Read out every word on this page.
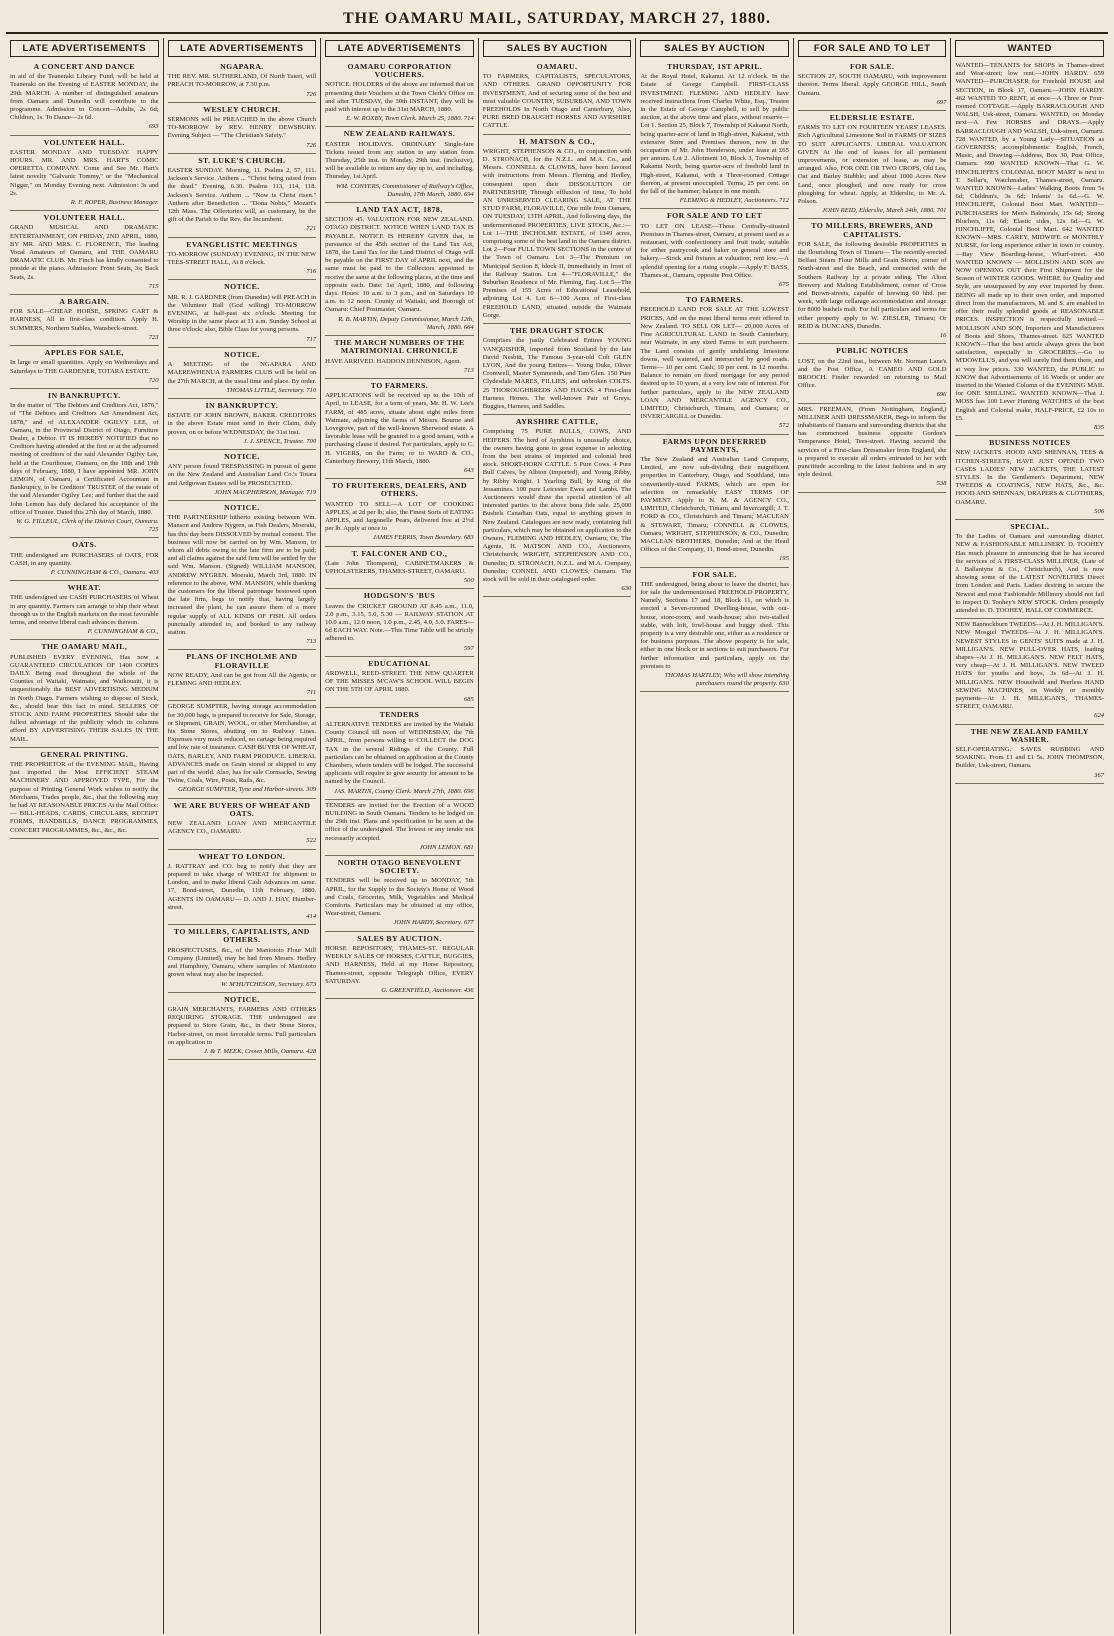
THE OAMARU MAIL, SATURDAY, MARCH 27, 1880.
LATE ADVERTISEMENTS
A CONCERT AND DANCE
in aid of the Teaneraki Library Fund, will be held at Teaneraki on the Evening of EASTER MONDAY, the 29th MARCH. A number of distinguished amateurs from Oamaru and Dunedin will contribute to the programme. Admission to Concert—Adults, 2s 6d; Children, 1s. To Dance—2s 6d.
693
VOLUNTEER HALL.
EASTER MONDAY AND TUESDAY. HAPPY HOURS. MR. AND MRS. HART'S COMIC OPERETTA COMPANY. Come and See Mr. Hart's latest novelty "Galvanic Tommy," or the "Mechanical Nigger," on Monday Evening next. Admission: 3s and 2s.
R. F. ROPER, Business Manager.
VOLUNTEER HALL.
GRAND MUSICAL AND DRAMATIC ENTERTAINMENT, ON FRIDAY, 2ND APRIL, 1880, BY MR. AND MRS. C. FLORENCE, The leading Vocal Amateurs of Oamaru, and THE OAMARU DRAMATIC CLUB. Mr. Finch has kindly consented to preside at the piano. Admission: Front Seats, 3s; Back Seats, 2s.
715
A BARGAIN.
FOR SALE—CHEAP. HORSE, SPRING CART & HARNESS, All in first-class condition. Apply H. SUMMERS, Northern Stables, Wansbeck-street.
723
APPLES FOR SALE,
In large or small quantities. Apply on Wednesdays and Saturdays to THE GARDENER, TOTARA ESTATE.
720
IN BANKRUPTCY.
In the matter of "The Debtors and Creditors Act, 1876," of "The Debtors and Creditors Act Amendment Act, 1878," and of ALEXANDER OGILVY LEE, of Oamaru, in the Provincial District of Otago, Furniture Dealer, a Debtor. IT IS HEREBY NOTIFIED that no Creditors having attended at the first or at the adjourned meeting of creditors of the said Alexander Ogilvy Lee, held at the Courthouse, Oamaru, on the 18th and 19th days of February, 1880, I have appointed MR. JOHN LEMON, of Oamaru, a Certificated Accountant in Bankruptcy, to be Creditors' TRUSTEE of the estate of the said Alexander Ogilvy Lee; and further that the said John Lemon has duly declared his acceptance of the office of Trustee. Dated this 27th day of March, 1880.
W. G. FILLEUL, Clerk of the District Court, Oamaru. 725
OATS.
THE undersigned are PURCHASERS of OATS, FOR CASH, in any quantity.
P. CUNNINGHAM & CO., Oamaru. 403
WHEAT.
THE undersigned are CASH PURCHASERS of Wheat in any quantity. Farmers can arrange to ship their wheat through us to the English markets on the most favorable terms, and receive liberal cash advances thereon.
P. CUNNINGHAM & CO.,
THE OAMARU MAIL,
PUBLISHED EVERY EVENING, Has now a GUARANTEED CIRCULATION OF 1400 COPIES DAILY. Being read throughout the whole of the Counties of Waitaki, Waimate, and Waikouaiti, it is unquestionably the BEST ADVERTISING MEDIUM in North Otago. Farmers wishing to dispose of Stock, &c., should bear this fact in mind. SELLERS OF STOCK AND FARM PROPERTIES Should take the fullest advantage of the publicity which its columns afford BY ADVERTISING THEIR SALES IN THE MAIL.
GENERAL PRINTING.
THE PROPRIETOR of the EVENING MAIL, Having just imported the Most EFFICIENT STEAM MACHINERY AND APPROVED TYPE, For the purpose of Printing General Work wishes to notify the Merchants, Trades people, &c., that the following may be had AT REASONABLE PRICES At the Mail Office:— BILL-HEADS, CARDS, CIRCULARS, RECEIPT FORMS, HANDBILLS, DANCE PROGRAMMES, CONCERT PROGRAMMES, &c., &c., &c.
LATE ADVERTISEMENTS
NGAPARA.
THE REV. MR. SUTHERLAND, Of North Taieri, will PREACH TO-MORROW, at 7.30 p.m.
726
WESLEY CHURCH.
SERMONS will be PREACHED in the above Church TO-MORROW by REV. HENRY DEWSBURY. Evening Subject — "The Christian's Safety."
726
ST. LUKE'S CHURCH.
EASTER SUNDAY. Morning, 11. Psalms 2, 57, 111. Jackson's Service. Anthem ... "Christ being raised from the dead." Evening, 6.30. Psalms 113, 114, 118. Jackson's Service. Anthem ... "Now is Christ risen." Anthem after Benediction ... "Dona Nobis," Mozart's 12th Mass. The Offertories will, as customary, be the gift of the Parish to the Rev. the Incumbent.
721
EVANGELISTIC MEETINGS
TO-MORROW (SUNDAY) EVENING, IN THE NEW TEES-STREET HALL, At 8 o'clock.
716
NOTICE.
MR. R. J. GARDNER (from Dunedin) will PREACH in the Volunteer Hall (God willing) TO-MORROW EVENING, at half-past six o'clock. Meeting for Worship in the same place at 11 a.m. Sunday School at three o'clock; also, Bible Class for young persons.
717
NOTICE.
A MEETING of the NGAPARA AND MAEREWHENUA FARMERS CLUB will be held on the 27th MARCH, at the usual time and place. By order.
THOMAS LITTLE, Secretary. 710
IN BANKRUPTCY.
ESTATE OF JOHN BROWN, BAKER. CREDITORS in the above Estate must send in their Claim, duly proven, on or before WEDNESDAY, the 31st inst.
J. J. SPENCE, Trustee. 700
NOTICE.
ANY person found TRESPASSING in pursuit of game on the New Zealand and Australian Land Co.'s Totara and Ardgowan Estates will be PROSECUTED.
JOHN MACPHERSON, Manager. 719
NOTICE.
THE PARTNERSHIP hitherto existing between Wm. Manson and Andrew Nygren, as Fish Dealers, Moeraki, has this day been DISSOLVED by mutual consent. The business will now be carried on by Wm. Manson, to whom all debts owing to the late firm are to be paid; and all claims against the said firm will be settled by the said Wm. Manson. (Signed) WILLIAM MANSON, ANDREW NYGREN. Moeraki, March 3rd, 1880. IN reference to the above, WM. MANSON, while thanking the customers for the liberal patronage bestowed upon the late firm, begs to notify that, having largely increased the plant, he can assure them of a more regular supply of ALL KINDS OF FISH. All orders punctually attended to, and booked to any railway station.
713
PLANS OF INCHOLME AND FLORAVILLE
NOW READY, And can be got from All the Agents, or FLEMING AND HEDLEY.
711
GEORGE SUMPTER, having storage accommodation for 30,000 bags, is prepared to receive for Sale, Storage, or Shipment, GRAIN, WOOL, or other Merchandise, at his Stone Stores, abutting on to Railway Lines. Expenses very much reduced, no cartage being required and low rate of insurance. CASH BUYER OF WHEAT, OATS, BARLEY, AND FARM PRODUCE. LIBERAL ADVANCES made on Grain stored or shipped to any part of the world. Also, has for sale Cornsacks, Sewing Twine, Coals, Wire, Posts, Rails, &c.
GEORGE SUMPTER, Tyne and Harbor-streets. 309
WE ARE BUYERS OF WHEAT AND OATS.
NEW ZEALAND LOAN AND MERCANTILE AGENCY CO., OAMARU.
522
WHEAT TO LONDON.
J. RATTRAY and CO. beg to notify that they are prepared to take charge of WHEAT for shipment to London, and to make liberal Cash Advances on same. 17, Bond-street, Dunedin, 11th February, 1880. AGENTS IN OAMARU— D. AND J. HAY, Humber-street.
414
TO MILLERS, CAPITALISTS, AND OTHERS.
PROSPECTUSES, &c., of the Maniototo Flour Mill Company (Limited), may be had from Messrs. Hedley and Humphrey, Oamaru, where samples of Maniototo grown wheat may also be inspected.
W. M'HUTCHESON, Secretary. 673
NOTICE.
GRAIN MERCHANTS, FARMERS AND OTHERS REQUIRING STORAGE. THE undersigned are prepared to Store Grain, &c., in their Stone Stores, Harbor-street, on most favorable terms. Full particulars on application to
J. & T. MEEK, Crown Mills, Oamaru. 428
LATE ADVERTISEMENTS
OAMARU CORPORATION VOUCHERS.
NOTICE. HOLDERS of the above are informed that on presenting their Vouchers at the Town Clerk's Office on and after TUESDAY, the 30th INSTANT, they will be paid with interest up to the 31st MARCH, 1880.
E. W. ROXBY, Town Clerk. March 25, 1880. 714
NEW ZEALAND RAILWAYS.
EASTER HOLIDAYS. ORDINARY Single-fare Tickets issued from any station to any station from Thursday, 25th inst. to Monday, 29th inst. (inclusive), will be available to return any day up to, and including, Thursday, 1st April.
WM. CONYERS, Commissioner of Railway's Office, Dunedin, 17th March, 1880. 694
LAND TAX ACT, 1878.
SECTION 45. VALUATION FOR NEW ZEALAND. OTAGO DISTRICT. NOTICE WHEN LAND TAX IS PAYABLE. NOTICE IS HEREBY GIVEN that, in pursuance of the 45th section of the Land Tax Act, 1878, the Land Tax for the Land District of Otago will be payable on the FIRST DAY of APRIL next, and the same must be paid to the Collectors appointed to receive the same at the following places, at the time and opposite each. Date: 1st April, 1880, and following days. Hours: 10 a.m. to 3 p.m., and on Saturdays 10 a.m. to 12 noon. County of Waitaki, and Borough of Oamaru: Chief Postmaster, Oamaru.
R. B. MARTIN, Deputy Commissioner, March 12th, March, 1880. 664
THE MARCH NUMBERS OF THE MATRIMONIAL CHRONICLE
HAVE ARRIVED. HADDON DENNISON, Agent.
713
TO FARMERS.
APPLICATIONS will be received up to the 10th of April, to LEASE, for a term of years, Mr. H. W. Lee's FARM, of 485 acres, situate about eight miles from Waimate, adjoining the farms of Messrs. Bourne and Lovegrove, part of the well-known Sherwood estate. A favorable lease will be granted to a good tenant, with a purchasing clause if desired. For particulars, apply to C. H. VIGERS, on the Farm; or to WARD & CO., Canterbury Brewery, 11th March, 1880.
643
TO FRUITERERS, DEALERS, AND OTHERS.
WANTED TO SELL—A LOT OF COOKING APPLES, at 2d per lb; also, the Finest Sorts of EATING APPLES, and Jargonelle Pears, delivered free at 2½d per lb. Apply at once to
JAMES FERRIS, Town Boundary. 683
T. FALCONER AND CO.,
(Late John Thompson), CABINETMAKERS & UPHOLSTERERS, THAMES-STREET, OAMARU.
500
HODGSON'S 'BUS
Leaves the CRICKET GROUND AT 8.45 a.m., 11.0, 2.0 p.m., 3.15, 5.0, 5.30 — RAILWAY STATION AT 10.0 a.m., 12.0 noon, 1.0 p.m., 2.45, 4.0, 5.0. FARES—6d EACH WAY. Note.—This Time Table will be strictly adhered to.
597
EDUCATIONAL
ARDWELL, REED-STREET. THE NEW QUARTER OF THE MISSES M'CAW'S SCHOOL WILL BEGIN ON THE 5TH OF APRIL 1880.
685
TENDERS
ALTERNATIVE TENDERS are invited by the Waitaki County Council till noon of WEDNESDAY, the 7th APRIL, from persons willing to COLLECT the DOG TAX in the several Ridings of the County. Full particulars can be obtained on application at the County Chambers, where tenders will be lodged. The successful applicants will require to give security for amount to be named by the Council.
JAS. MARTIN, County Clerk. March 27th, 1880. 696
TENDERS are invited for the Erection of a WOOD BUILDING in South Oamaru. Tenders to be lodged on the 29th inst. Plans and specification to be seen at the office of the undersigned. The lowest or any tender not necessarily accepted.
JOHN LEMON. 681
NORTH OTAGO BENEVOLENT SOCIETY.
TENDERS will be received up to MONDAY, 5th APRIL, for the Supply to the Society's Home of Wood and Coals, Groceries, Milk, Vegetables and Medical Comforts. Particulars may be obtained at my office, Wear-street, Oamaru.
JOHN HARDY, Secretary. 677
SALES BY AUCTION.
HORSE REPOSITORY, THAMES-ST. REGULAR WEEKLY SALES OF HORSES, CATTLE, BUGGIES, AND HARNESS, Held at my Horse Repository, Thames-street, opposite Telegraph Office, EVERY SATURDAY.
G. GREENFIELD, Auctioneer. 436
SALES BY AUCTION
OAMARU.
TO FARMERS, CAPITALISTS, SPECULATORS, AND OTHERS. GRAND OPPORTUNITY FOR INVESTMENT, And of securing some of the best and most valuable COUNTRY, SUBURBAN, AND TOWN FREEHOLDS In North Otago and Canterbury, Also, PURE BRED DRAUGHT HORSES AND AYRSHIRE CATTLE.
H. MATSON & CO.,
WRIGHT, STEPHENSON & CO., in conjunction with D. STRONACH, for the N.Z.L. and M.A. Co., and Messrs. CONNELL & CLOWES, have been favored with instructions from Messrs. Fleming and Hedley, consequent upon their DISSOLUTION OF PARTNERSHIP, Through effluxion of time, To hold AN UNRESERVED CLEARING SALE, AT THE STUD FARM, FLORAVILLE, One mile from Oamaru, ON TUESDAY, 13TH APRIL, And following days, the undermentioned PROPERTIES, LIVE STOCK, &c.:— Lot 1—THE INCHOLME ESTATE, of 1349 acres, comprising some of the best land in the Oamaru district. Lot 2—Four FULL TOWN SECTIONS in the centre of the Town of Oamaru. Lot 3—The Premium on Municipal Section 8, block II, immediately in front of the Railway Station. Lot 4—"FLORAVILLE," the Suburban Residence of Mr. Fleming, Esq. Lot 5—The Premises of 155 Acres of Educational Leasehold, adjoining Lot 4. Lot 6—100 Acres of First-class FREEHOLD LAND, situated outside the Waimate Gorge.
THE DRAUGHT STOCK
Comprises the justly Celebrated Entires YOUNG VANQUISHER, imported from Scotland by the late David Nesbitt, The Famous 3-year-old Colt GLEN LYON, And the young Entires— Young Duke, Oliver Cromwell, Master Symmonds, and Tam Glen. 150 Pure Clydesdale MARES, FILLIES, and unbroken COLTS. 25 THOROUGHBREDS AND HACKS. 4 First-class Harness Horses. The well-known Pair of Greys. Buggies, Harness, and Saddles.
AYRSHIRE CATTLE,
Comprising 75 PURE BULLS, COWS, AND HEIFERS. The herd of Ayrshires is unusually choice, the owners having gone to great expense in selecting from the best strains of imported and colonial bred stock. SHORT-HORN CATTLE. 5 Pure Cows. 4 Pure Bull Calves, by Albion (imported), and Young Ribby, by Ribby Knight. 1 Yearling Bull, by King of the Jessamines. 100 pure Leicester Ewes and Lambs. The Auctioneers would draw the special attention of all interested parties to the above bona fide sale. 25,000 Bushels Canadian Oats, equal to anything grown in New Zealand. Catalogues are now ready, containing full particulars, which may be obtained on application to the Owners, FLEMING AND HEDLEY, Oamaru; Or, The Agents, H. MATSON AND CO., Auctioneers, Christchurch; WRIGHT, STEPHENSON AND CO., Dunedin; D. STRONACH, N.Z.L. and M.A. Company, Dunedin; CONNEL AND CLOWES, Oamaru. The stock will be sold in their catalogued order.
630
SALES BY AUCTION
THURSDAY, 1ST APRIL.
At the Royal Hotel, Kakanui. At 12 o'clock. In the Estate of George Campbell. FIRST-CLASS INVESTMENT. FLEMING AND HEDLEY have received instructions from Charles White, Esq., Trustee in the Estate of George Campbell, to sell by public auction, at the above time and place, without reserve— Lot 1. Section 25, Block 7, Township of Kakanui North, being quarter-acre of land in High-street, Kakanui, with extensive Store and Premises thereon, now in the occupation of Mr. John Henderson, under lease at £65 per annum. Lot 2. Allotment 10, Block 3, Township of Kakanui North, being quarter-acre of freehold land in High-street, Kakanui, with a Three-roomed Cottage thereon, at present unoccupied. Terms, 25 per cent. on the fall of the hammer; balance in one month.
FLEMING & HEDLEY, Auctioneers. 712
FOR SALE AND TO LET
TO LET ON LEASE—Those Centrally-situated Premises in Thames-street, Oamaru, at present used as a restaurant, with confectionery and fruit trade, suitable for either pastrycook and baker or general store and bakery.—Stock and fixtures at valuation; rent low.—A splendid opening for a rising couple.—Apply F. BASS, Thames-st., Oamaru, opposite Post Office.
675
TO FARMERS.
FREEHOLD LAND FOR SALE AT THE LOWEST PRICES, And on the most liberal terms ever offered in New Zealand. TO SELL OR LET— 20,000 Acres of Fine AGRICULTURAL LAND in South Canterbury, near Waimate, in any sized Farms to suit purchasers. The Land consists of gently undulating limestone downs, well watered, and intersected by good roads. Terms— 10 per cent. Cash; 10 per cent. in 12 months. Balance to remain on fixed mortgage for any period desired up to 10 years, at a very low rate of interest. For further particulars, apply to the NEW ZEALAND LOAN AND MERCANTILE AGENCY CO., LIMITED, Christchurch, Timaru, and Oamaru; or INVERCARGILL or Dunedin.
572
FARMS UPON DEFERRED PAYMENTS.
The New Zealand and Australian Land Company, Limited, are now sub-dividing their magnificent properties in Canterbury, Otago, and Southland, into conveniently-sized FARMS, which are open for selection on remarkably EASY TERMS OF PAYMENT. Apply to N. M. & AGENCY CO., LIMITED, Christchurch, Timaru, and Invercargill; J. T. FORD & CO., Christchurch and Timaru; MACLEAN & STEWART, Timaru; CONNELL & CLOWES, Oamaru; WRIGHT, STEPHENSON, & CO., Dunedin; MACLEAN BROTHERS, Dunedin; And at the Head Offices of the Company, 11, Bond-street, Dunedin.
195
FOR SALE.
THE undersigned, being about to leave the district, has for sale the undermentioned FREEHOLD PROPERTY, Namely, Sections 17 and 18, Block 11, on which is erected a Seven-roomed Dwelling-house, with out-house, store-room, and wash-house; also two-stalled stable, with loft, fowl-house and buggy shed. This property is a very desirable one, either as a residence or for business purposes. The above property is for sale, either in one block or in sections to suit purchasers. For further information and particulars, apply on the premises to
THOMAS HARTLEY; Who will show intending purchasers round the property. 630
FOR SALE AND TO LET
FOR SALE.
SECTION 27, SOUTH OAMARU, with improvement thereon. Terms liberal. Apply GEORGE HILL, South Oamaru.
697
ELDERSLIE ESTATE.
FARMS TO LET ON FOURTEEN YEARS' LEASES. Rich Agricultural Limestone Soil in FARMS OF SIZES TO SUIT APPLICANTS. LIBERAL VALUATION GIVEN At the end of leases for all permanent improvements, or extension of lease, as may be arranged. Also, FOR ONE OR TWO CROPS, Old Lea, Oat and Barley Stubble; and about 1000 Acres New Land, once ploughed, and now ready for cross ploughing for wheat. Apply, at Elderslie, to Mr. A. Polson.
JOHN REID, Elderslie, March 24th, 1880. 701
TO MILLERS, BREWERS, AND CAPITALISTS.
FOR SALE, the following desirable PROPERTIES in the flourishing Town of Timaru— The recently-erected Belfast Steam Flour Mills and Grain Stores, corner of North-street and the Beach, and connected with the Southern Railway by a private siding. The Alton Brewery and Malting Establishment, corner of Cross and Brown-streets, capable of brewing 60 hhd. per week, with large cellarage accommodation and storage for 8000 bushels malt. For full particulars and terms for either property apply to W. ZIESLER, Timaru; Or REID & DUNCANS, Dunedin.
16
PUBLIC NOTICES
LOST, on the 22nd inst., between Mr. Norman Lane's and the Post Office, A CAMEO AND GOLD BROOCH. Finder rewarded on returning to Mail Office.
696
MRS. FREEMAN, (From Nottingham, England,) MILLINER AND DRESSMAKER, Begs to inform the inhabitants of Oamaru and surrounding districts that she has commenced business opposite Gordon's Temperance Hotel, Tees-street. Having secured the services of a First-class Dressmaker from England, she is prepared to execute all orders entrusted to her with punctitude according to the latest fashions and in any style desired.
538
WANTED
WANTED—TENANTS for SHOPS in Thames-street and Wear-street; low rent.—JOHN HARDY. 659 WANTED—PURCHASER for Freehold HOUSE and SECTION, in Block 17, Oamaru.—JOHN HARDY. 462 WANTED TO RENT, at once—A Three or Four-roomed COTTAGE.—Apply BARRACLOUGH AND WALSH, Usk-street, Oamaru. WANTED, on Monday next—A Few HORSES and DRAYS.—Apply BARRACLOUGH AND WALSH, Usk-street, Oamaru. 728 WANTED, by a Young Lady—SITUATION as GOVERNESS; accomplishments: English, French, Music, and Drawing.—Address, Box 30, Post Office, Oamaru. 690 WANTED KNOWN—That G. W. HINCHLIFFE'S COLONIAL BOOT MART is next to T. Sellar's, Watchmaker, Thames-street, Oamaru. WANTED KNOWN—Ladies' Walking Boots from 5s 6d; Children's, 3s 6d; Infants' 1s 6d.—G. W. HINCHLIFFE, Colonial Boot Mart. WANTED—PURCHASERS for Men's Balmorals, 15s 6d; Strong Bluchers, 11s 6d; Elastic sides, 12s 6d.—G. W. HINCHLIFFE, Colonial Boot Mart. 642 WANTED KNOWN—MRS. CAREY, MIDWIFE or MONTHLY NURSE, for long experience either in town or country.—Bay View Boarding-house, Wharf-street. 430 WANTED KNOWN — MOLLISON AND SON are NOW OPENING OUT their First Shipment for the Season of WINTER GOODS. WHERE for Quality and Style, are unsurpassed by any ever imported by them. BEING all made up to their own order, and imported direct from the manufacturers, M. and S. are enabled to offer their really splendid goods at REASONABLE PRICES. INSPECTION is respectfully invited.—MOLLISON AND SON, Importers and Manufacturers of Boots and Shoes, Thames-street. 625 WANTED KNOWN—That the best article always gives the best satisfaction, especially in GROCERIES.—Go to M'DOWELL'S, and you will surely find them there, and at very low prices. 330 WANTED, the PUBLIC to KNOW that Advertisements of 16 Words or under are inserted in the Wanted Column of the EVENING MAIL for ONE SHILLING. WANTED KNOWN—That J. MOSS has 100 Lever Hunting WATCHES of the best English and Colonial make, HALF-PRICE, £2 10s to £5.
835
BUSINESS NOTICES
NEW JACKETS. HOOD AND SHENNAN, TEES & ITCHEN-STREETS, HAVE JUST OPENED TWO CASES LADIES' NEW JACKETS, THE LATEST STYLES. In the Gentlemen's Department, NEW TWEEDS & COATINGS, NEW HATS, &c., &c. HOOD AND SHENNAN, DRAPERS & CLOTHIERS, OAMARU.
506
SPECIAL.
To the Ladies of Oamaru and surrounding district. NEW & FASHIONABLE MILLINERY. D. TOOHEY Has much pleasure in announcing that he has secured the services of A FIRST-CLASS MILLINER, (Late of J. Ballantyne & Co., Christchurch), And is now showing some of the LATEST NOVELTIES Direct from London and Paris. Ladies desiring to secure the Newest and most Fashionable Millinery should not fail to inspect D. Toohey's NEW STOCK. Orders promptly attended to. D. TOOHEY, HALL OF COMMERCE.
NEW Bannockburn TWEEDS—At J. H. MILLIGAN'S. NEW Mosgiel TWEEDS—At J. H. MILLIGAN'S. NEWEST STYLES in GENTS' SUITS made at J. H. MILLIGAN'S. NEW PULL-OVER HATS, leading shapes—At J. H. MILLIGAN'S. NEW FELT HATS, very cheap—At J. H. MILLIGAN'S. NEW TWEED HATS for youths and boys, 3s 6d—At J. H. MILLIGAN'S. NEW Household and Peerless HAND SEWING MACHINES, on Weekly or monthly payments—At J. H. MILLIGAN'S, THAMES-STREET, OAMARU.
624
THE NEW ZEALAND FAMILY WASHER.
SELF-OPERATING. SAVES RUBBING AND SOAKING. From £1 and £1 5s. JOHN THOMPSON, Builder, Usk-street, Oamaru.
367
